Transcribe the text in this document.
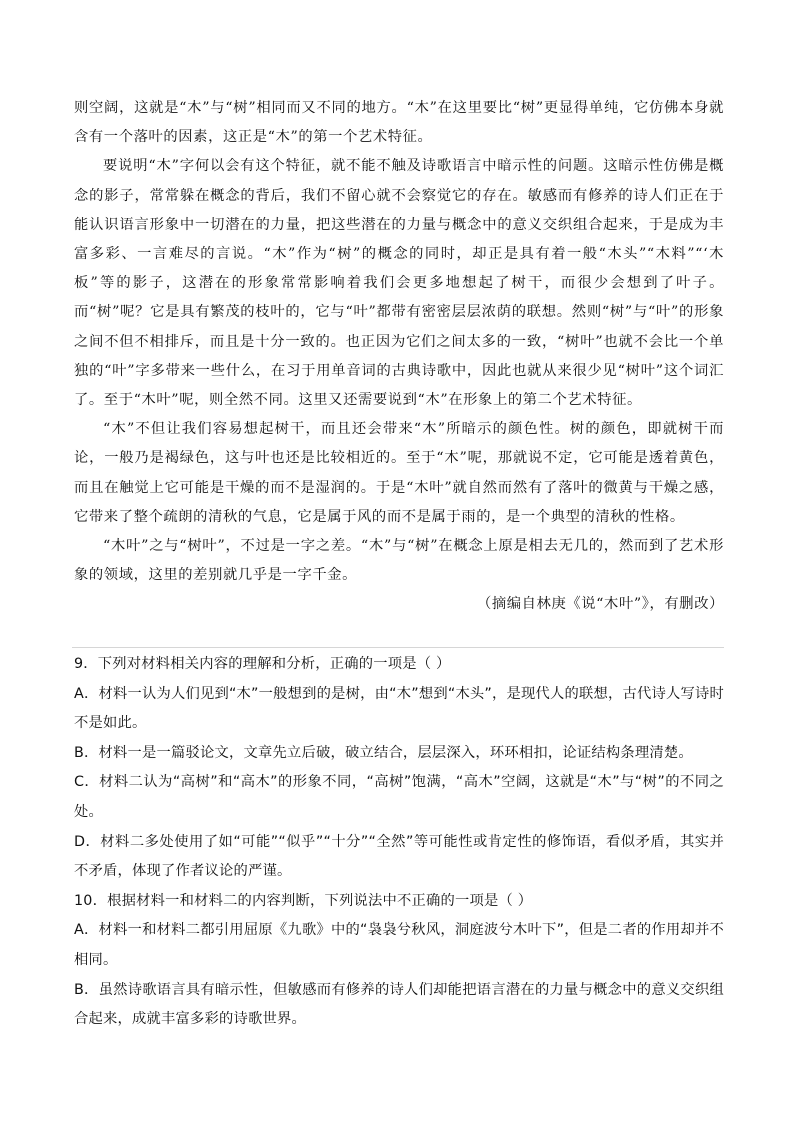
则空阔，这就是“木”与“树”相同而又不同的地方。“木”在这里要比“树”更显得单纯，它仿佛本身就含有一个落叶的因素，这正是“木”的第一个艺术特征。

要说明“木”字何以会有这个特征，就不能不触及诗歌语言中暗示性的问题。这暗示性仿佛是概念的影子，常常躲在概念的背后，我们不留心就不会察觉它的存在。敏感而有修养的诗人们正在于能认识语言形象中一切潜在的力量，把这些潜在的力量与概念中的意义交织组合起来，于是成为丰富多彩、一言难尽的言说。“木”作为“树”的概念的同时，却正是具有着一般“木头”“木料”“‘木板”等的影子，这潜在的形象常常影响着我们会更多地想起了树干，而很少会想到了叶子。而“树”呢？它是具有繁茂的枝叶的，它与“叶”都带有密密层层浓荫的联想。然则“树”与“叶”的形象之间不但不相排斥，而且是十分一致的。也正因为它们之间太多的一致，“树叶”也就不会比一个单独的“叶”字多带来一些什么，在习于用单音词的古典诗歌中，因此也就从来很少见“树叶”这个词汇了。至于“木叶”呢，则全然不同。这里又还需要说到“木”在形象上的第二个艺术特征。

“木”不但让我们容易想起树干，而且还会带来“木”所暗示的颜色性。树的颜色，即就树干而论，一般乃是褐绿色，这与叶也还是比较相近的。至于“木”呢，那就说不定，它可能是透着黄色，而且在触觉上它可能是干燥的而不是湿润的。于是“木叶”就自然而然有了落叶的微黄与干燥之感，它带来了整个疏朗的清秋的气息，它是属于风的而不是属于雨的，是一个典型的清秋的性格。

“木叶”之与“树叶”，不过是一字之差。“木”与“树”在概念上原是相去无几的，然而到了艺术形象的领域，这里的差别就几乎是一字千金。

（摘编自林庚《说“木叶”》，有删改）

9．下列对材料相关内容的理解和分析，正确的一项是（ ）

A．材料一认为人们见到“木”一般想到的是树，由“木”想到“木头”，是现代人的联想，古代诗人写诗时不是如此。

B．材料一是一篇驳论文，文章先立后破，破立结合，层层深入，环环相扣，论证结构条理清楚。

C．材料二认为“高树”和“高木”的形象不同，“高树”饱满，“高木”空阔，这就是“木”与“树”的不同之处。

D．材料二多处使用了如“可能”“似乎”“十分”“全然”等可能性或肯定性的修饰语，看似矛盾，其实并不矛盾，体现了作者议论的严谨。

10．根据材料一和材料二的内容判断，下列说法中不正确的一项是（ ）

A．材料一和材料二都引用屈原《九歌》中的“袅袅兮秋风，洞庭波兮木叶下”，但是二者的作用却并不相同。

B．虽然诗歌语言具有暗示性，但敏感而有修养的诗人们却能把语言潜在的力量与概念中的意义交织组合起来，成就丰富多彩的诗歌世界。
